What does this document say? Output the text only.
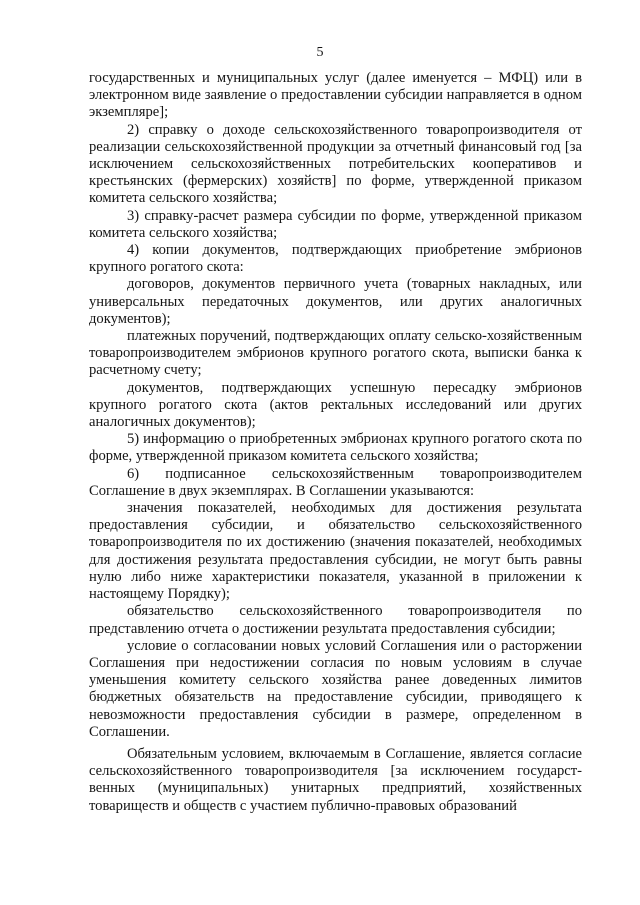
5

государственных и муниципальных услуг (далее именуется – МФЦ) или в электронном виде заявление о предоставлении субсидии направляется в одном экземпляре];

2) справку о доходе сельскохозяйственного товаропроизводителя от реализации сельскохозяйственной продукции за отчетный финансовый год [за исключением сельскохозяйственных потребительских кооперативов и крестьянских (фермерских) хозяйств] по форме, утвержденной приказом комитета сельского хозяйства;

3) справку-расчет размера субсидии по форме, утвержденной приказом комитета сельского хозяйства;

4) копии документов, подтверждающих приобретение эмбрионов крупного рогатого скота:

договоров, документов первичного учета (товарных накладных, или универсальных передаточных документов, или других аналогичных документов);

платежных поручений, подтверждающих оплату сельско-хозяйственным товаропроизводителем эмбрионов крупного рогатого скота, выписки банка к расчетному счету;

документов, подтверждающих успешную пересадку эмбрионов крупного рогатого скота (актов ректальных исследований или других аналогичных документов);

5) информацию о приобретенных эмбрионах крупного рогатого скота по форме, утвержденной приказом комитета сельского хозяйства;

6) подписанное сельскохозяйственным товаропроизводителем Соглашение в двух экземплярах. В Соглашении указываются:

значения показателей, необходимых для достижения результата предоставления субсидии, и обязательство сельскохозяйственного товаропроизводителя по их достижению (значения показателей, необходимых для достижения результата предоставления субсидии, не могут быть равны нулю либо ниже характеристики показателя, указанной в приложении к настоящему Порядку);

обязательство сельскохозяйственного товаропроизводителя по представлению отчета о достижении результата предоставления субсидии;

условие о согласовании новых условий Соглашения или о расторжении Соглашения при недостижении согласия по новым условиям в случае уменьшения комитету сельского хозяйства ранее доведенных лимитов бюджетных обязательств на предоставление субсидии, приводящего к невозможности предоставления субсидии в размере, определенном в Соглашении.

Обязательным условием, включаемым в Соглашение, является согласие сельскохозяйственного товаропроизводителя [за исключением государст-венных (муниципальных) унитарных предприятий, хозяйственных товариществ и обществ с участием публично-правовых образований
